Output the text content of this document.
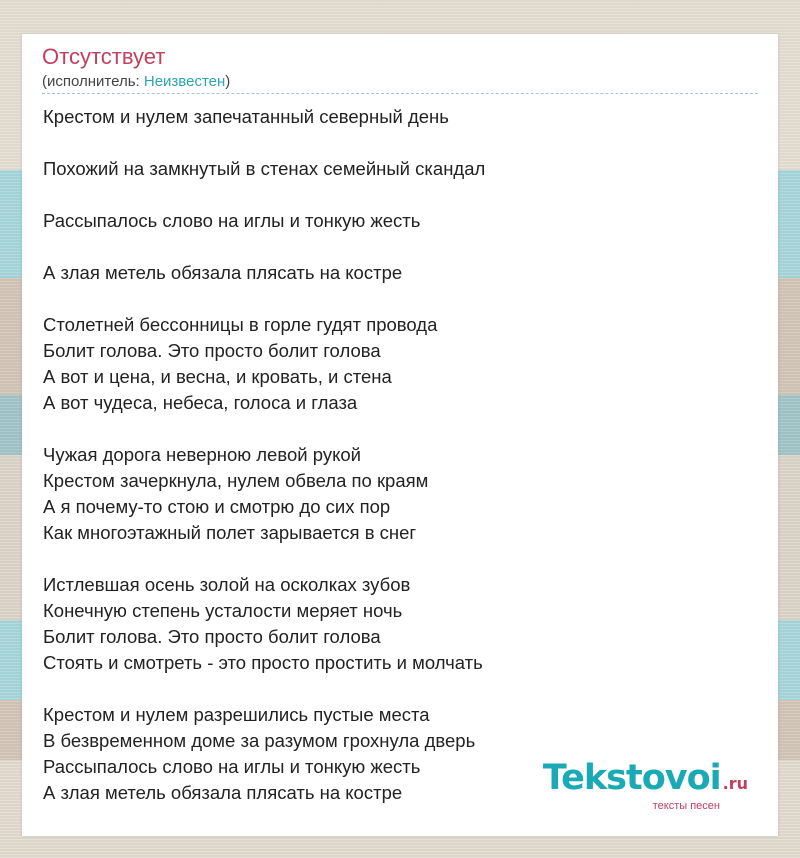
Отсутствует
(исполнитель: Неизвестен)
Крестом и нулем запечатанный северный день
Похожий на замкнутый в стенах семейный скандал
Рассыпалось слово на иглы и тонкую жесть
А злая метель обязала плясать на костре
Столетней бессонницы в горле гудят провода
Болит голова. Это просто болит голова
А вот и цена, и весна, и кровать, и стена
А вот чудеса, небеса, голоса и глаза
Чужая дорога неверною левой рукой
Крестом зачеркнула, нулем обвела по краям
А я почему-то стою и смотрю до сих пор
Как многоэтажный полет зарывается в снег
Истлевшая осень золой на осколках зубов
Конечную степень усталости меряет ночь
Болит голова. Это просто болит голова
Стоять и смотреть - это просто простить и молчать
Крестом и нулем разрешились пустые места
В безвременном доме за разумом грохнула дверь
Рассыпалось слово на иглы и тонкую жесть
А злая метель обязала плясать на костре	Tekstovoi .ru
тексты песен
